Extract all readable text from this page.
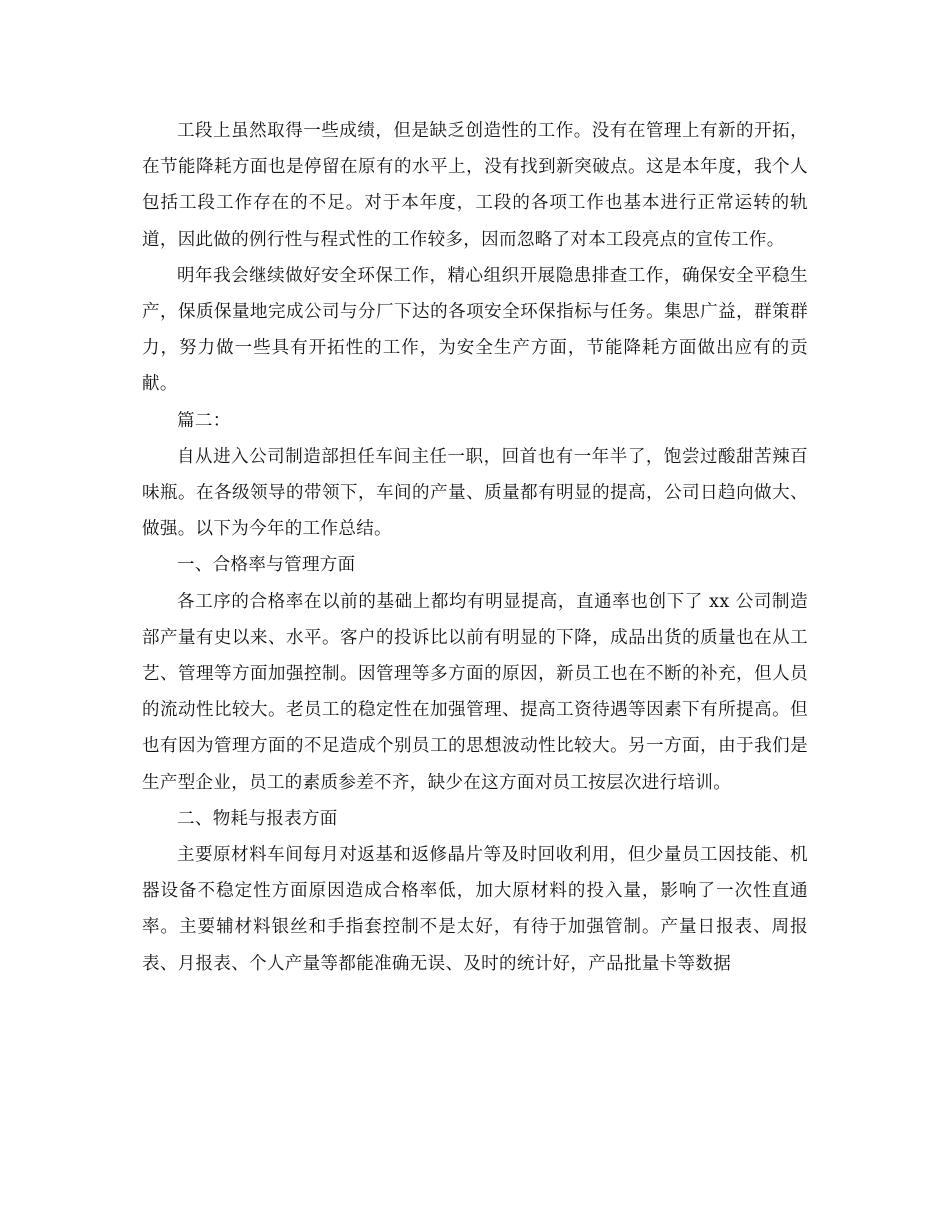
工段上虽然取得一些成绩，但是缺乏创造性的工作。没有在管理上有新的开拓，在节能降耗方面也是停留在原有的水平上，没有找到新突破点。这是本年度，我个人包括工段工作存在的不足。对于本年度，工段的各项工作也基本进行正常运转的轨道，因此做的例行性与程式性的工作较多，因而忽略了对本工段亮点的宣传工作。

明年我会继续做好安全环保工作，精心组织开展隐患排查工作，确保安全平稳生产，保质保量地完成公司与分厂下达的各项安全环保指标与任务。集思广益，群策群力，努力做一些具有开拓性的工作，为安全生产方面，节能降耗方面做出应有的贡献。

篇二：

自从进入公司制造部担任车间主任一职，回首也有一年半了，饱尝过酸甜苦辣百味瓶。在各级领导的带领下，车间的产量、质量都有明显的提高，公司日趋向做大、做强。以下为今年的工作总结。

一、合格率与管理方面

各工序的合格率在以前的基础上都均有明显提高，直通率也创下了 xx 公司制造部产量有史以来、水平。客户的投诉比以前有明显的下降，成品出货的质量也在从工艺、管理等方面加强控制。因管理等多方面的原因，新员工也在不断的补充，但人员的流动性比较大。老员工的稳定性在加强管理、提高工资待遇等因素下有所提高。但也有因为管理方面的不足造成个别员工的思想波动性比较大。另一方面，由于我们是生产型企业，员工的素质参差不齐，缺少在这方面对员工按层次进行培训。

二、物耗与报表方面

主要原材料车间每月对返基和返修晶片等及时回收利用，但少量员工因技能、机器设备不稳定性方面原因造成合格率低，加大原材料的投入量，影响了一次性直通率。主要辅材料银丝和手指套控制不是太好，有待于加强管制。产量日报表、周报表、月报表、个人产量等都能准确无误、及时的统计好，产品批量卡等数据
